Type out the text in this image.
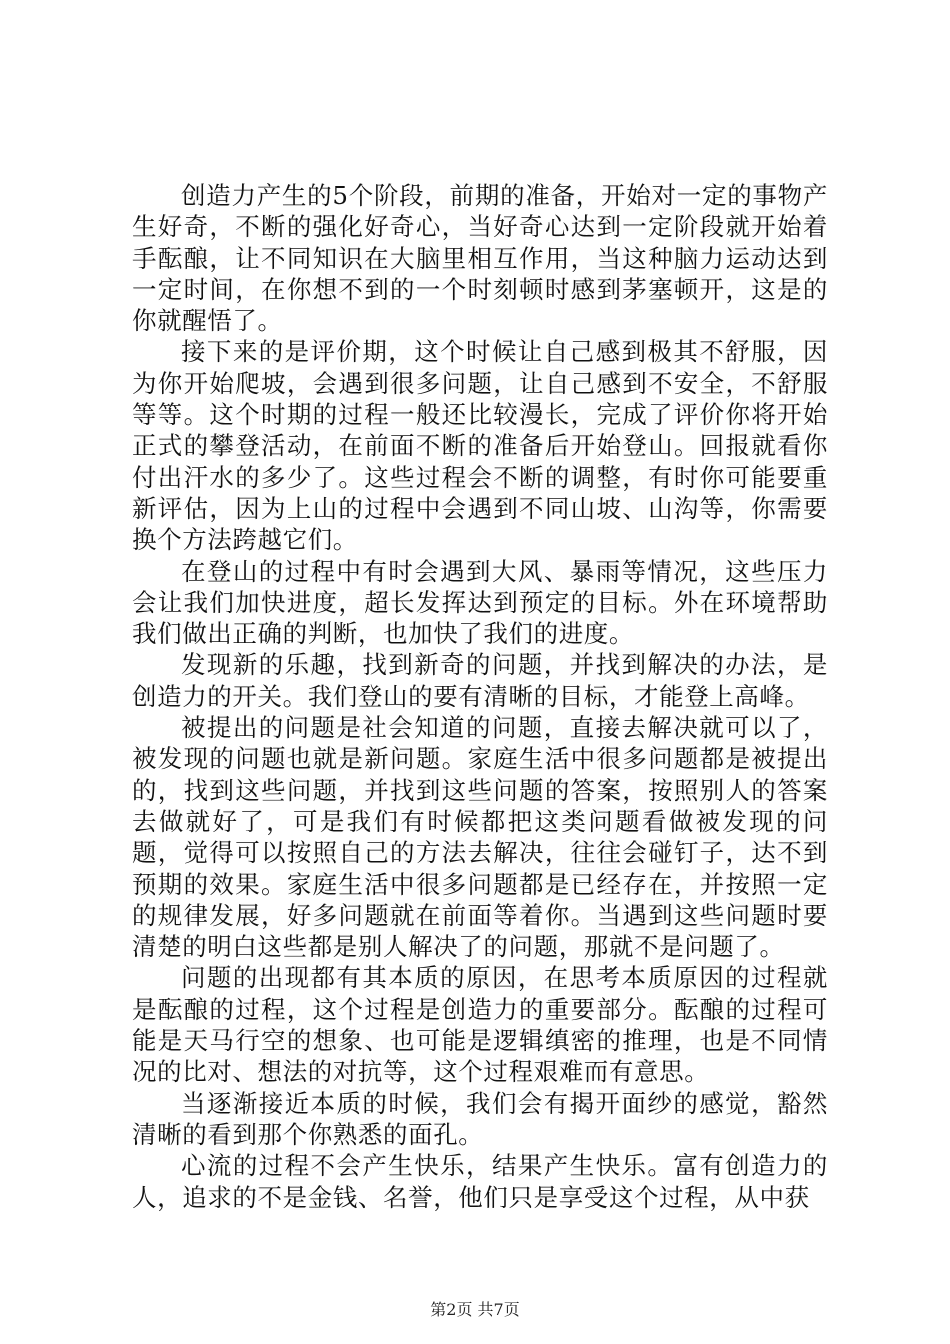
创造力产生的5个阶段，前期的准备，开始对一定的事物产生好奇，不断的强化好奇心，当好奇心达到一定阶段就开始着手酝酿，让不同知识在大脑里相互作用，当这种脑力运动达到一定时间，在你想不到的一个时刻顿时感到茅塞顿开，这是的你就醒悟了。

接下来的是评价期，这个时候让自己感到极其不舒服，因为你开始爬坡，会遇到很多问题，让自己感到不安全，不舒服等等。这个时期的过程一般还比较漫长，完成了评价你将开始正式的攀登活动，在前面不断的准备后开始登山。回报就看你付出汗水的多少了。这些过程会不断的调整，有时你可能要重新评估，因为上山的过程中会遇到不同山坡、山沟等，你需要换个方法跨越它们。

在登山的过程中有时会遇到大风、暴雨等情况，这些压力会让我们加快进度，超长发挥达到预定的目标。外在环境帮助我们做出正确的判断，也加快了我们的进度。

发现新的乐趣，找到新奇的问题，并找到解决的办法，是创造力的开关。我们登山的要有清晰的目标，才能登上高峰。

被提出的问题是社会知道的问题，直接去解决就可以了，被发现的问题也就是新问题。家庭生活中很多问题都是被提出的，找到这些问题，并找到这些问题的答案，按照别人的答案去做就好了，可是我们有时候都把这类问题看做被发现的问题，觉得可以按照自己的方法去解决，往往会碰钉子，达不到预期的效果。家庭生活中很多问题都是已经存在，并按照一定的规律发展，好多问题就在前面等着你。当遇到这些问题时要清楚的明白这些都是别人解决了的问题，那就不是问题了。

问题的出现都有其本质的原因，在思考本质原因的过程就是酝酿的过程，这个过程是创造力的重要部分。酝酿的过程可能是天马行空的想象、也可能是逻辑缜密的推理，也是不同情况的比对、想法的对抗等，这个过程艰难而有意思。

当逐渐接近本质的时候，我们会有揭开面纱的感觉，豁然清晰的看到那个你熟悉的面孔。

心流的过程不会产生快乐，结果产生快乐。富有创造力的人，追求的不是金钱、名誉，他们只是享受这个过程，从中获

第2页 共7页
